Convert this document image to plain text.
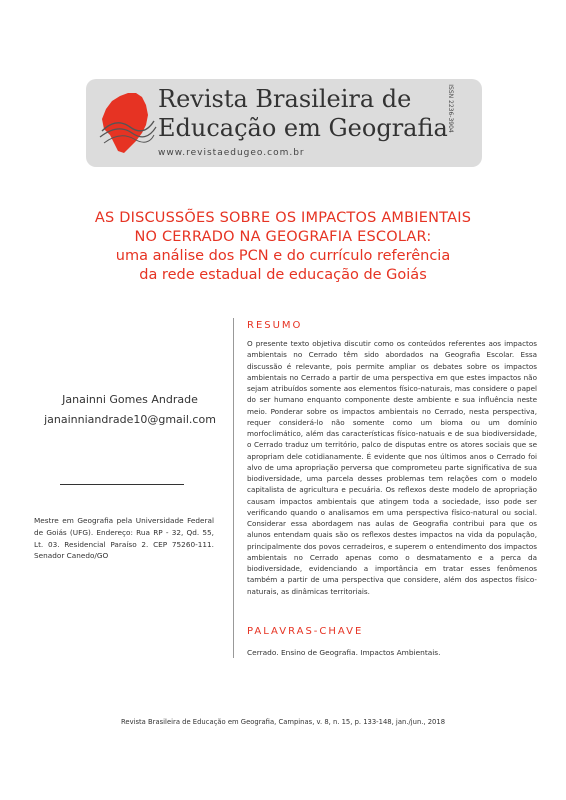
Revista Brasileira de
Educação em Geografia
www.revistaedugeo.com.br
ISSN 2236-3904
AS DISCUSSÕES SOBRE OS IMPACTOS AMBIENTAIS
NO CERRADO NA GEOGRAFIA ESCOLAR:
uma análise dos PCN e do currículo referência
da rede estadual de educação de Goiás
Janainni Gomes Andrade
janainniandrade10@gmail.com
Mestre em Geografia pela Universidade Federal de Goiás (UFG). Endereço: Rua RP - 32, Qd. 55, Lt. 03. Residencial Paraíso 2. CEP 75260-111. Senador Canedo/GO
RESUMO

O presente texto objetiva discutir como os conteúdos referentes aos impactos ambientais no Cerrado têm sido abordados na Geografia Escolar. Essa discussão é relevante, pois permite ampliar os debates sobre os impactos ambientais no Cerrado a partir de uma perspectiva em que estes impactos não sejam atribuídos somente aos elementos físico-naturais, mas considere o papel do ser humano enquanto componente deste ambiente e sua influência neste meio. Ponderar sobre os impactos ambientais no Cerrado, nesta perspectiva, requer considerá-lo não somente como um bioma ou um domínio morfoclimático, além das características físico-natuais e de sua biodiversidade, o Cerrado traduz um território, palco de disputas entre os atores sociais que se apropriam dele cotidianamente. É evidente que nos últimos anos o Cerrado foi alvo de uma apropriação perversa que comprometeu parte significativa de sua biodiversidade, uma parcela desses problemas tem relações com o modelo capitalista de agricultura e pecuária. Os reflexos deste modelo de apropriação causam impactos ambientais que atingem toda a sociedade, isso pode ser verificando quando o analisamos em uma perspectiva físico-natural ou social. Considerar essa abordagem nas aulas de Geografia contribui para que os alunos entendam quais são os reflexos destes impactos na vida da população, principalmente dos povos cerradeiros, e superem o entendimento dos impactos ambientais no Cerrado apenas como o desmatamento e a perca da biodiversidade, evidenciando a importância em tratar esses fenômenos também a partir de uma perspectiva que considere, além dos aspectos físico-naturais, as dinâmicas territoriais.

PALAVRAS-CHAVE
Cerrado. Ensino de Geografia. Impactos Ambientais.
Revista Brasileira de Educação em Geografia, Campinas, v. 8, n. 15, p. 133-148, jan./jun., 2018
